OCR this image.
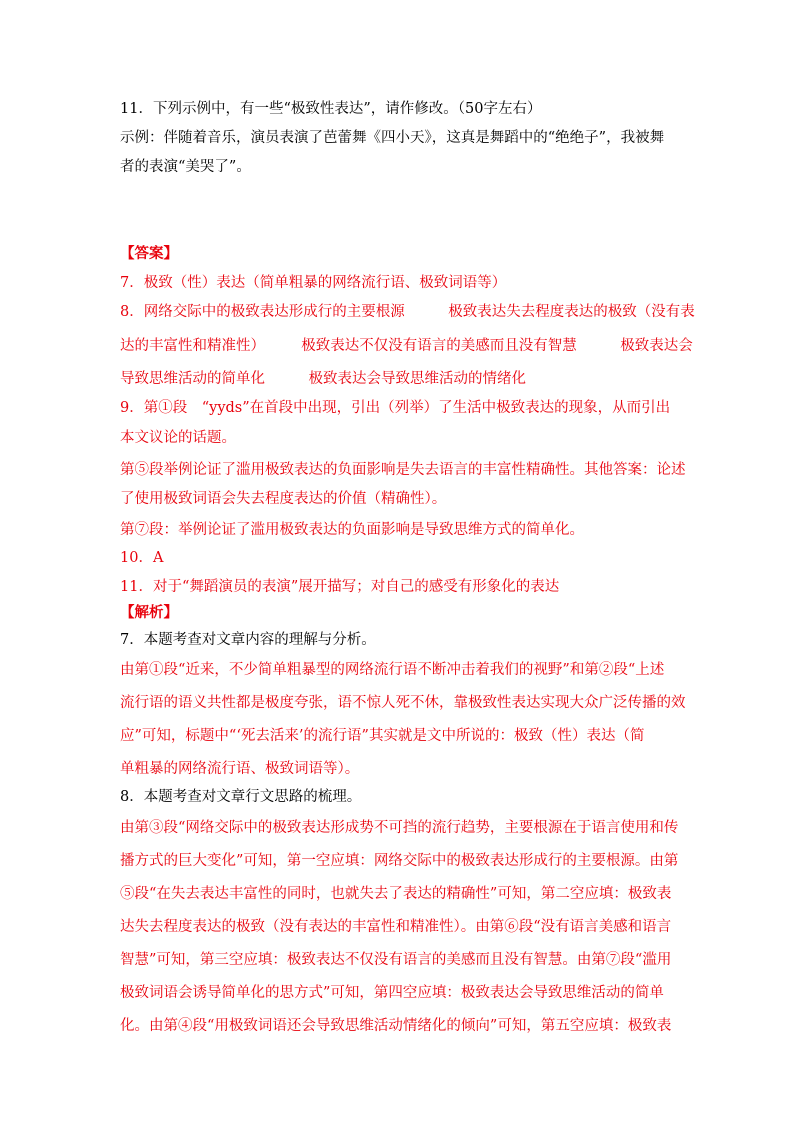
11．下列示例中，有一些“极致性表达”，请作修改。（50字左右）
示例：伴随着音乐，演员表演了芭蕾舞《四小天》，这真是舞蹈中的“绝绝子”，我被舞
者的表演“美哭了”。
【答案】
7．极致（性）表达（简单粗暴的网络流行语、极致词语等）
8．网络交际中的极致表达形成行的主要根源　　　极致表达失去程度表达的极致（没有表
达的丰富性和精准性）　　　极致表达不仅没有语言的美感而且没有智慧　　　极致表达会
导致思维活动的简单化　　　极致表达会导致思维活动的情绪化
9．第①段　“yyds”在首段中出现，引出（列举）了生活中极致表达的现象，从而引出
本文议论的话题。
第⑤段举例论证了滥用极致表达的负面影响是失去语言的丰富性精确性。其他答案：论述
了使用极致词语会失去程度表达的价值（精确性）。
第⑦段：举例论证了滥用极致表达的负面影响是导致思维方式的简单化。
10．A
11．对于“舞蹈演员的表演”展开描写；对自己的感受有形象化的表达
【解析】
7．本题考查对文章内容的理解与分析。
由第①段“近来，不少简单粗暴型的网络流行语不断冲击着我们的视野”和第②段“上述
流行语的语义共性都是极度夸张，语不惊人死不休，靠极致性表达实现大众广泛传播的效
应”可知，标题中“‘死去活来’的流行语”其实就是文中所说的：极致（性）表达（简
单粗暴的网络流行语、极致词语等）。
8．本题考查对文章行文思路的梳理。
由第③段“网络交际中的极致表达形成势不可挡的流行趋势，主要根源在于语言使用和传
播方式的巨大变化”可知，第一空应填：网络交际中的极致表达形成行的主要根源。由第
⑤段“在失去表达丰富性的同时，也就失去了表达的精确性”可知，第二空应填：极致表
达失去程度表达的极致（没有表达的丰富性和精准性）。由第⑥段“没有语言美感和语言
智慧”可知，第三空应填：极致表达不仅没有语言的美感而且没有智慧。由第⑦段“滥用
极致词语会诱导简单化的思方式”可知，第四空应填：极致表达会导致思维活动的简单
化。由第④段“用极致词语还会导致思维活动情绪化的倾向”可知，第五空应填：极致表
